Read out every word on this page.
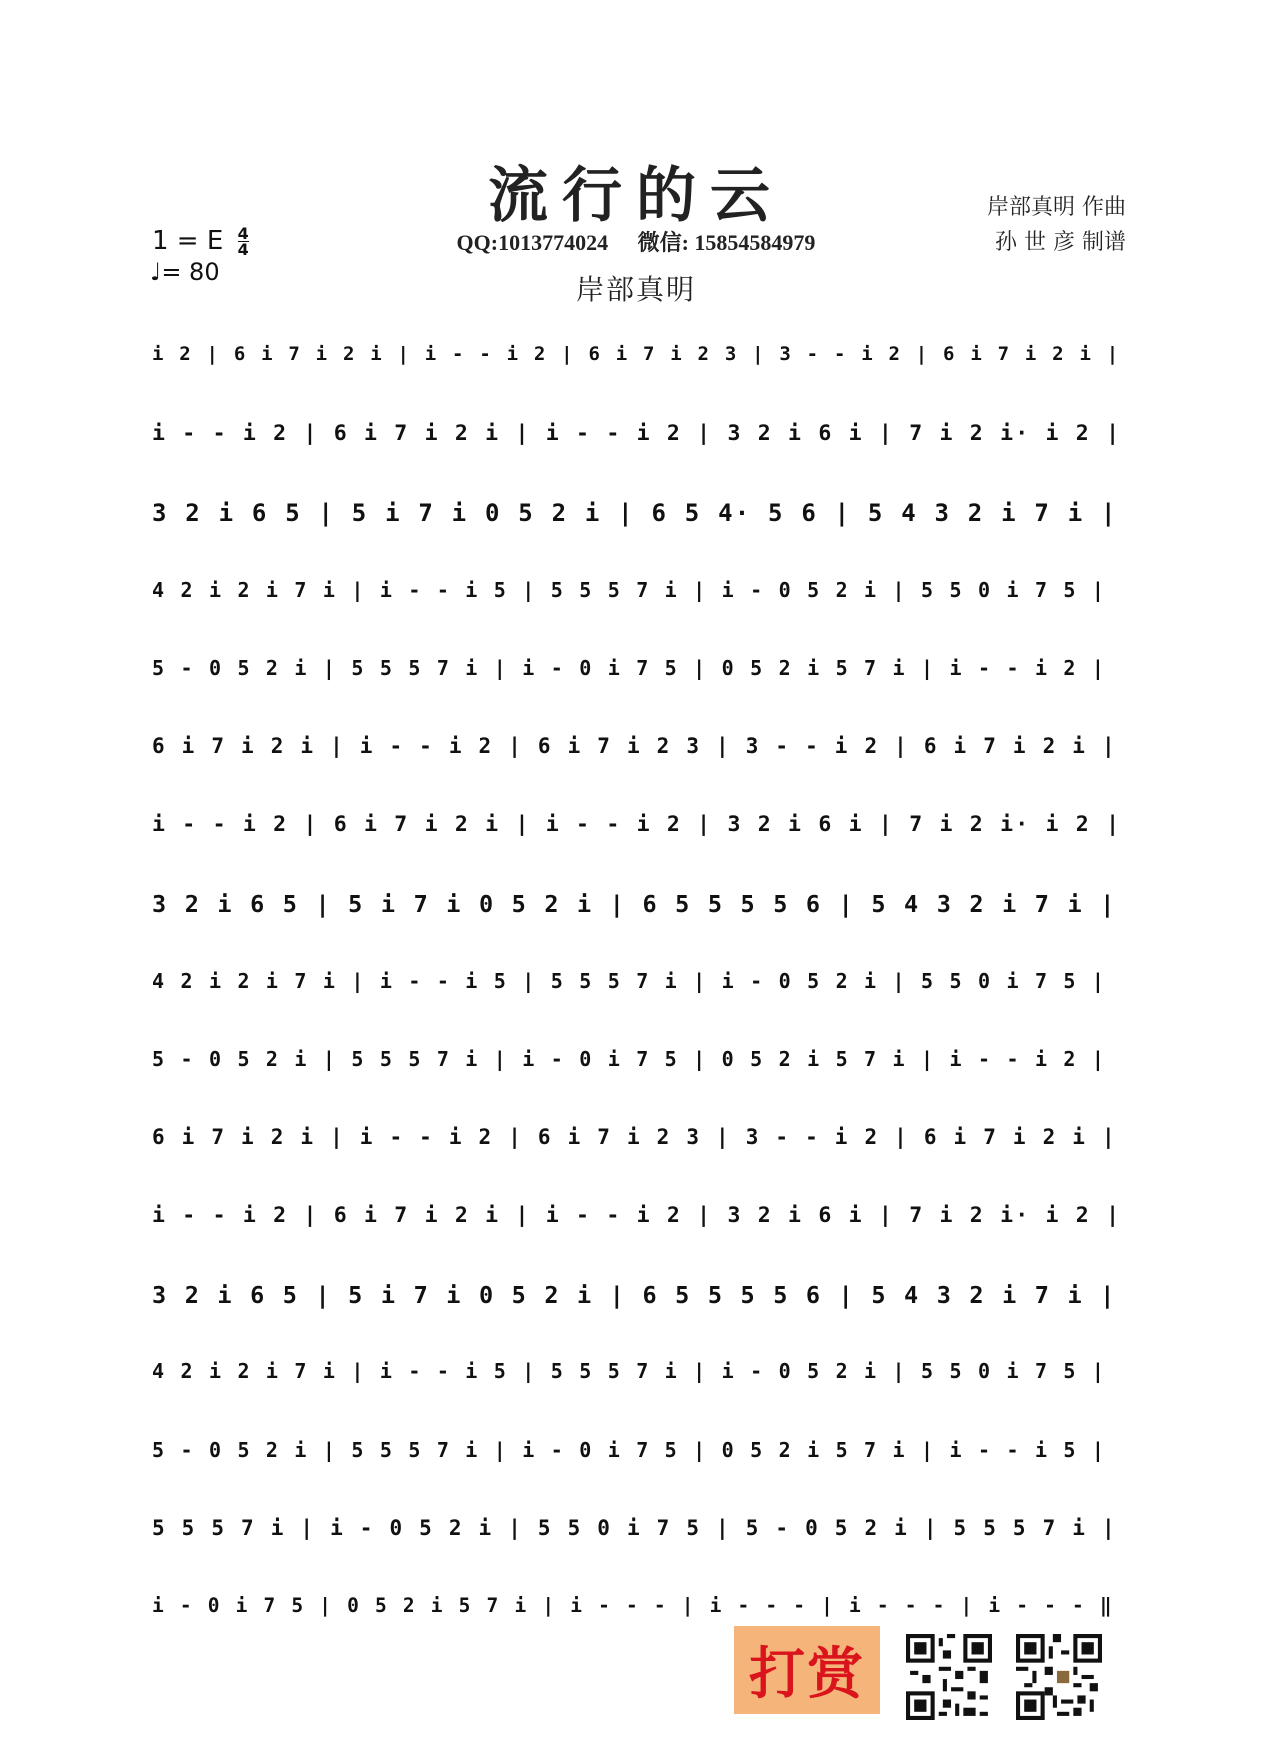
流行的云	岸部真明 作曲
孙 世 彦 制谱
1 = E $\frac{4}{4}$
♩= 80
QQ:1013774024 微信: 15854584979
岸部真明
i 2 | 6 i 7 i 2 i | i - - i 2 | 6 i 7 i 2 3 | 3 - - i 2 | 6 i 7 i 2 i |
i - - i 2 | 6 i 7 i 2 i | i - - i 2 | 3 2 i 6 i | 7 i 2 i· i 2 |
3 2 i 6 5 | 5 i 7 i 0 5 2 i | 6 5 4· 5 6 | 5 4 3 2 i 7 i |
4 2 i 2 i 7 i | i - - i 5 | 5 5 5 7 i | i - 0 5 2 i | 5 5 0 i 7 5 |
5 - 0 5 2 i | 5 5 5 7 i | i - 0 i 7 5 | 0 5 2 i 5 7 i | i - - i 2 |
6 i 7 i 2 i | i - - i 2 | 6 i 7 i 2 3 | 3 - - i 2 | 6 i 7 i 2 i |
i - - i 2 | 6 i 7 i 2 i | i - - i 2 | 3 2 i 6 i | 7 i 2 i· i 2 |
3 2 i 6 5 | 5 i 7 i 0 5 2 i | 6 5 5 5 5 6 | 5 4 3 2 i 7 i |
4 2 i 2 i 7 i | i - - i 5 | 5 5 5 7 i | i - 0 5 2 i | 5 5 0 i 7 5 |
5 - 0 5 2 i | 5 5 5 7 i | i - 0 i 7 5 | 0 5 2 i 5 7 i | i - - i 2 |
6 i 7 i 2 i | i - - i 2 | 6 i 7 i 2 3 | 3 - - i 2 | 6 i 7 i 2 i |
i - - i 2 | 6 i 7 i 2 i | i - - i 2 | 3 2 i 6 i | 7 i 2 i· i 2 |
3 2 i 6 5 | 5 i 7 i 0 5 2 i | 6 5 5 5 5 6 | 5 4 3 2 i 7 i |
4 2 i 2 i 7 i | i - - i 5 | 5 5 5 7 i | i - 0 5 2 i | 5 5 0 i 7 5 |
5 - 0 5 2 i | 5 5 5 7 i | i - 0 i 7 5 | 0 5 2 i 5 7 i | i - - i 5 |
5 5 5 7 i | i - 0 5 2 i | 5 5 0 i 7 5 | 5 - 0 5 2 i | 5 5 5 7 i |
i - 0 i 7 5 | 0 5 2 i 5 7 i | i - - - | i - - - | i - - - | i - - - ‖
打赏
